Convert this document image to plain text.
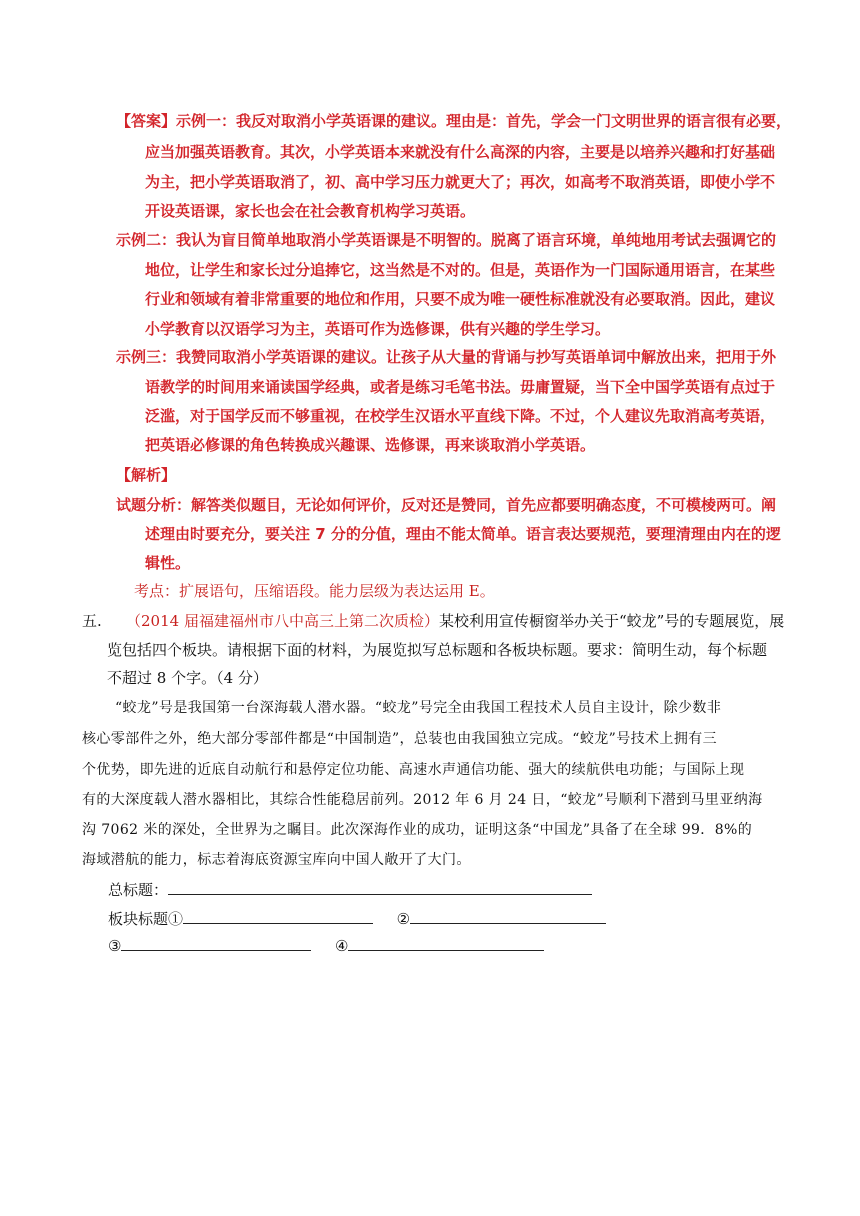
【答案】示例一：我反对取消小学英语课的建议。理由是：首先，学会一门文明世界的语言很有必要，
应当加强英语教育。其次，小学英语本来就没有什么高深的内容，主要是以培养兴趣和打好基础
为主，把小学英语取消了，初、高中学习压力就更大了；再次，如高考不取消英语，即使小学不
开设英语课，家长也会在社会教育机构学习英语。
示例二：我认为盲目简单地取消小学英语课是不明智的。脱离了语言环境，单纯地用考试去强调它的
地位，让学生和家长过分追捧它，这当然是不对的。但是，英语作为一门国际通用语言，在某些
行业和领域有着非常重要的地位和作用，只要不成为唯一硬性标准就没有必要取消。因此，建议
小学教育以汉语学习为主，英语可作为选修课，供有兴趣的学生学习。
示例三：我赞同取消小学英语课的建议。让孩子从大量的背诵与抄写英语单词中解放出来，把用于外
语教学的时间用来诵读国学经典，或者是练习毛笔书法。毋庸置疑，当下全中国学英语有点过于
泛滥，对于国学反而不够重视，在校学生汉语水平直线下降。不过，个人建议先取消高考英语，
把英语必修课的角色转换成兴趣课、选修课，再来谈取消小学英语。
【解析】
试题分析：解答类似题目，无论如何评价，反对还是赞同，首先应都要明确态度，不可模棱两可。阐
述理由时要充分，要关注 7 分的分值，理由不能太简单。语言表达要规范，要理清理由内在的逻
辑性。
考点：扩展语句，压缩语段。能力层级为表达运用 E。
五. （2014 届福建福州市八中高三上第二次质检）某校利用宣传橱窗举办关于“蛟龙”号的专题展览，展
览包括四个板块。请根据下面的材料，为展览拟写总标题和各板块标题。要求：简明生动，每个标题
不超过 8 个字。（4 分）
“蛟龙”号是我国第一台深海载人潜水器。“蛟龙”号完全由我国工程技术人员自主设计，除少数非
核心零部件之外，绝大部分零部件都是“中国制造”，总装也由我国独立完成。“蛟龙”号技术上拥有三
个优势，即先进的近底自动航行和悬停定位功能、高速水声通信功能、强大的续航供电功能；与国际上现
有的大深度载人潜水器相比，其综合性能稳居前列。2012 年 6 月 24 日，“蛟龙”号顺利下潜到马里亚纳海
沟 7062 米的深处，全世界为之瞩目。此次深海作业的成功，证明这条“中国龙”具备了在全球 99．8%的
海域潜航的能力，标志着海底资源宝库向中国人敞开了大门。
总标题：
板块标题①	②
③	④
